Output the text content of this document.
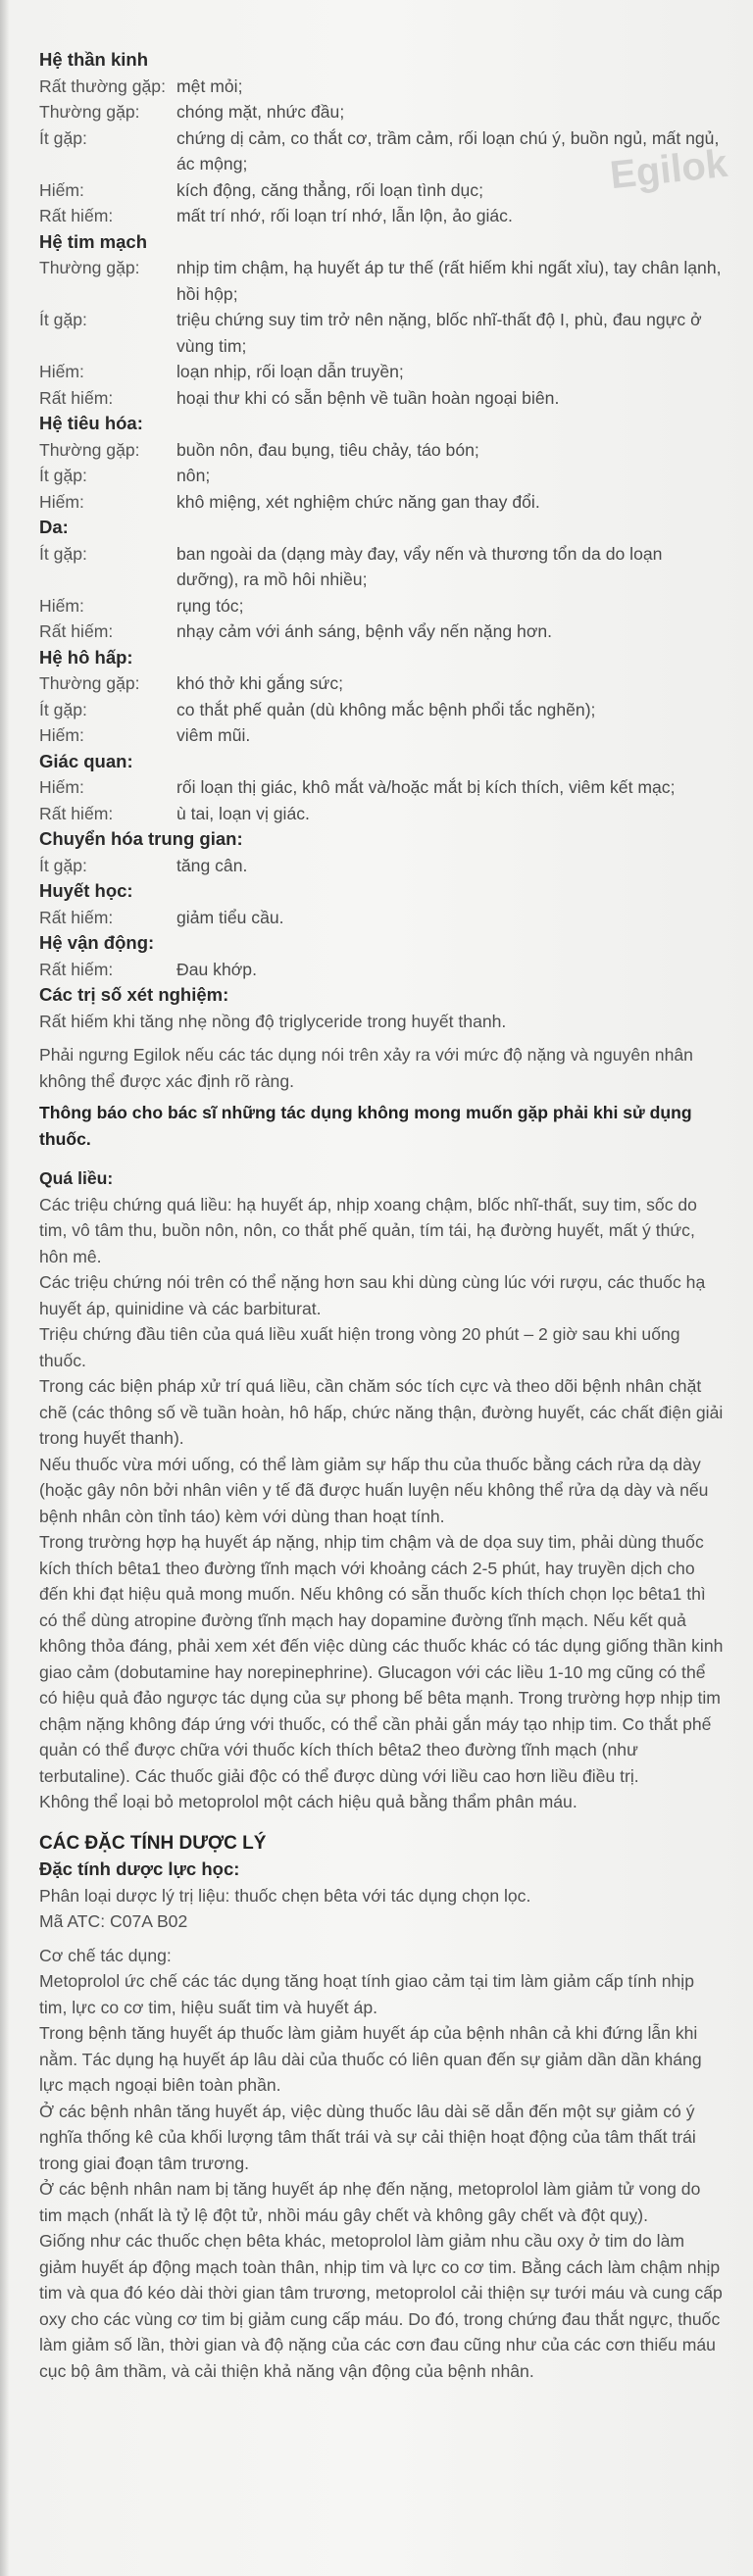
Egilok
Hệ thần kinh
Rất thường gặp: mệt mỏi;
Thường gặp:	chóng mặt, nhức đầu;
Ít gặp:	chứng dị cảm, co thắt cơ, trầm cảm, rối loạn chú ý, buồn ngủ, mất ngủ, ác mộng;
Hiếm:	kích động, căng thẳng, rối loạn tình dục;
Rất hiếm:	mất trí nhớ, rối loạn trí nhớ, lẫn lộn, ảo giác.
Hệ tim mạch
Thường gặp:	nhịp tim chậm, hạ huyết áp tư thế (rất hiếm khi ngất xỉu), tay chân lạnh, hồi hộp;
Ít gặp:	triệu chứng suy tim trở nên nặng, blốc nhĩ-thất độ I, phù, đau ngực ở vùng tim;
Hiếm:	loạn nhịp, rối loạn dẫn truyền;
Rất hiếm:	hoại thư khi có sẵn bệnh về tuần hoàn ngoại biên.
Hệ tiêu hóa:
Thường gặp:	buồn nôn, đau bụng, tiêu chảy, táo bón;
Ít gặp:	nôn;
Hiếm:	khô miệng, xét nghiệm chức năng gan thay đổi.
Da:
Ít gặp:	ban ngoài da (dạng mày đay, vẩy nến và thương tổn da do loạn dưỡng), ra mồ hôi nhiều;
Hiếm:	rụng tóc;
Rất hiếm:	nhạy cảm với ánh sáng, bệnh vẩy nến nặng hơn.
Hệ hô hấp:
Thường gặp:	khó thở khi gắng sức;
Ít gặp:	co thắt phế quản (dù không mắc bệnh phổi tắc nghẽn);
Hiếm:	viêm mũi.
Giác quan:
Hiếm:	rối loạn thị giác, khô mắt và/hoặc mắt bị kích thích, viêm kết mạc;
Rất hiếm:	ù tai, loạn vị giác.
Chuyển hóa trung gian:
Ít gặp:	tăng cân.
Huyết học:
Rất hiếm:	giảm tiểu cầu.
Hệ vận động:
Rất hiếm:	Đau khớp.
Các trị số xét nghiệm:
Rất hiếm khi tăng nhẹ nồng độ triglyceride trong huyết thanh.
Phải ngưng Egilok nếu các tác dụng nói trên xảy ra với mức độ nặng và nguyên nhân không thể được xác định rõ ràng.
Thông báo cho bác sĩ những tác dụng không mong muốn gặp phải khi sử dụng thuốc.
Quá liều:
Các triệu chứng quá liều: hạ huyết áp, nhịp xoang chậm, blốc nhĩ-thất, suy tim, sốc do tim, vô tâm thu, buồn nôn, nôn, co thắt phế quản, tím tái, hạ đường huyết, mất ý thức, hôn mê.
Các triệu chứng nói trên có thể nặng hơn sau khi dùng cùng lúc với rượu, các thuốc hạ huyết áp, quinidine và các barbiturat.
Triệu chứng đầu tiên của quá liều xuất hiện trong vòng 20 phút – 2 giờ sau khi uống thuốc.
Trong các biện pháp xử trí quá liều, cần chăm sóc tích cực và theo dõi bệnh nhân chặt chẽ (các thông số về tuần hoàn, hô hấp, chức năng thận, đường huyết, các chất điện giải trong huyết thanh).
Nếu thuốc vừa mới uống, có thể làm giảm sự hấp thu của thuốc bằng cách rửa dạ dày (hoặc gây nôn bởi nhân viên y tế đã được huấn luyện nếu không thể rửa dạ dày và nếu bệnh nhân còn tỉnh táo) kèm với dùng than hoạt tính.
Trong trường hợp hạ huyết áp nặng, nhịp tim chậm và de dọa suy tim, phải dùng thuốc kích thích bêta1 theo đường tĩnh mạch với khoảng cách 2-5 phút, hay truyền dịch cho đến khi đạt hiệu quả mong muốn. Nếu không có sẵn thuốc kích thích chọn lọc bêta1 thì có thể dùng atropine đường tĩnh mạch hay dopamine đường tĩnh mạch. Nếu kết quả không thỏa đáng, phải xem xét đến việc dùng các thuốc khác có tác dụng giống thần kinh giao cảm (dobutamine hay norepinephrine). Glucagon với các liều 1-10 mg cũng có thể có hiệu quả đảo ngược tác dụng của sự phong bế bêta mạnh. Trong trường hợp nhịp tim chậm nặng không đáp ứng với thuốc, có thể cần phải gắn máy tạo nhịp tim. Co thắt phế quản có thể được chữa với thuốc kích thích bêta2 theo đường tĩnh mạch (như terbutaline). Các thuốc giải độc có thể được dùng với liều cao hơn liều điều trị.
Không thể loại bỏ metoprolol một cách hiệu quả bằng thẩm phân máu.
CÁC ĐẶC TÍNH DƯỢC LÝ
Đặc tính dược lực học:
Phân loại dược lý trị liệu: thuốc chẹn bêta với tác dụng chọn lọc.
Mã ATC: C07A B02
Cơ chế tác dụng:
Metoprolol ức chế các tác dụng tăng hoạt tính giao cảm tại tim làm giảm cấp tính nhịp tim, lực co cơ tim, hiệu suất tim và huyết áp.
Trong bệnh tăng huyết áp thuốc làm giảm huyết áp của bệnh nhân cả khi đứng lẫn khi nằm. Tác dụng hạ huyết áp lâu dài của thuốc có liên quan đến sự giảm dần dần kháng lực mạch ngoại biên toàn phần.
Ở các bệnh nhân tăng huyết áp, việc dùng thuốc lâu dài sẽ dẫn đến một sự giảm có ý nghĩa thống kê của khối lượng tâm thất trái và sự cải thiện hoạt động của tâm thất trái trong giai đoạn tâm trương.
Ở các bệnh nhân nam bị tăng huyết áp nhẹ đến nặng, metoprolol làm giảm tử vong do tim mạch (nhất là tỷ lệ đột tử, nhồi máu gây chết và không gây chết và đột quỵ).
Giống như các thuốc chẹn bêta khác, metoprolol làm giảm nhu cầu oxy ở tim do làm giảm huyết áp động mạch toàn thân, nhịp tim và lực co cơ tim. Bằng cách làm chậm nhịp tim và qua đó kéo dài thời gian tâm trương, metoprolol cải thiện sự tưới máu và cung cấp oxy cho các vùng cơ tim bị giảm cung cấp máu. Do đó, trong chứng đau thắt ngực, thuốc làm giảm số lần, thời gian và độ nặng của các cơn đau cũng như của các cơn thiếu máu cục bộ âm thầm, và cải thiện khả năng vận động của bệnh nhân.
